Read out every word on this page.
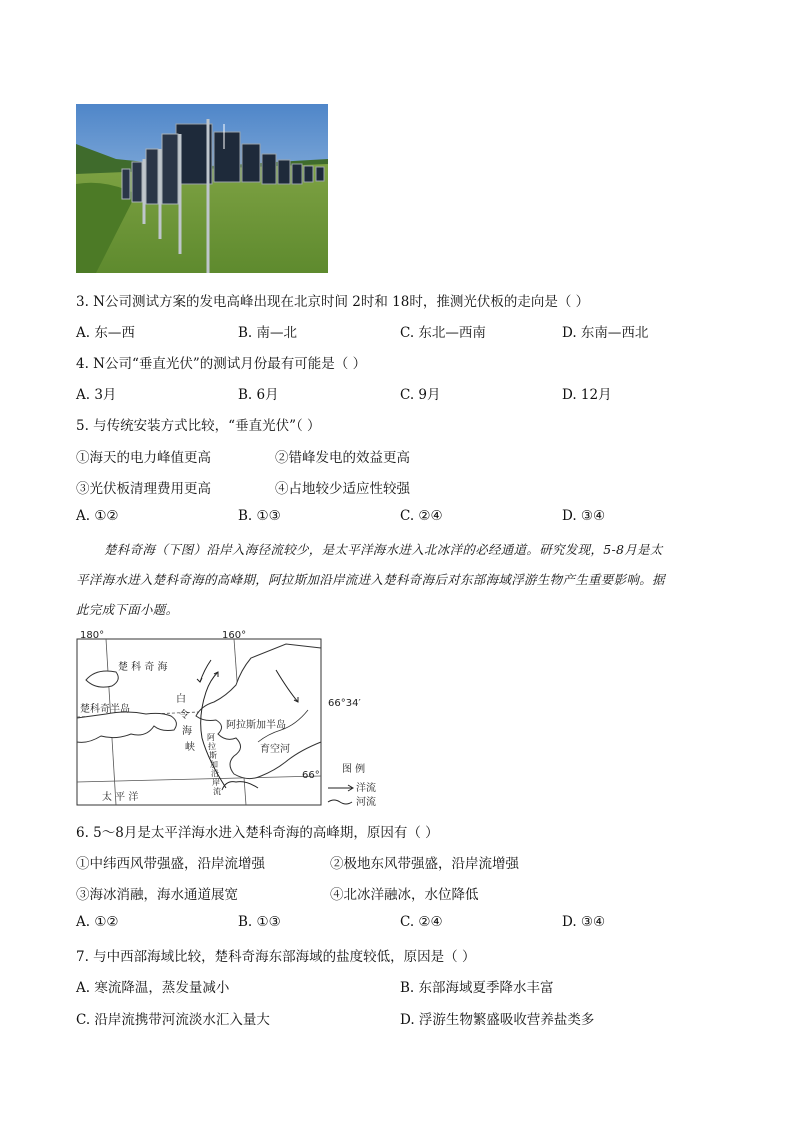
3. N公司测试方案的发电高峰出现在北京时间 2时和 18时，推测光伏板的走向是（ ）
A. 东—西	B. 南—北	C. 东北—西南	D. 东南—西北
4. N公司“垂直光伏”的测试月份最有可能是（ ）
A. 3月	B. 6月	C. 9月	D. 12月
5. 与传统安装方式比较，“垂直光伏”（ ）
①海天的电力峰值更高	②错峰发电的效益更高
③光伏板清理费用更高	④占地较少适应性较强
A. ①②	B. ①③	C. ②④	D. ③④
楚科奇海（下图）沿岸入海径流较少，是太平洋海水进入北冰洋的必经通道。研究发现，5-8月是太
平洋海水进入楚科奇海的高峰期，阿拉斯加沿岸流进入楚科奇海后对东部海域浮游生物产生重要影响。据
此完成下面小题。
180°	160°
66°34′
66°
楚 科 奇 海
楚科奇半岛
白
令
海
峡
阿拉斯加半岛
阿
拉
斯
加
沿
岸
流
育空河
太 平 洋
图 例
洋流
河流
6. 5～8月是太平洋海水进入楚科奇海的高峰期，原因有（ ）
①中纬西风带强盛，沿岸流增强	②极地东风带强盛，沿岸流增强
③海冰消融，海水通道展宽	④北冰洋融冰，水位降低
A. ①②	B. ①③	C. ②④	D. ③④
7. 与中西部海域比较，楚科奇海东部海域的盐度较低，原因是（ ）
A. 寒流降温，蒸发量减小	B. 东部海域夏季降水丰富
C. 沿岸流携带河流淡水汇入量大	D. 浮游生物繁盛吸收营养盐类多
